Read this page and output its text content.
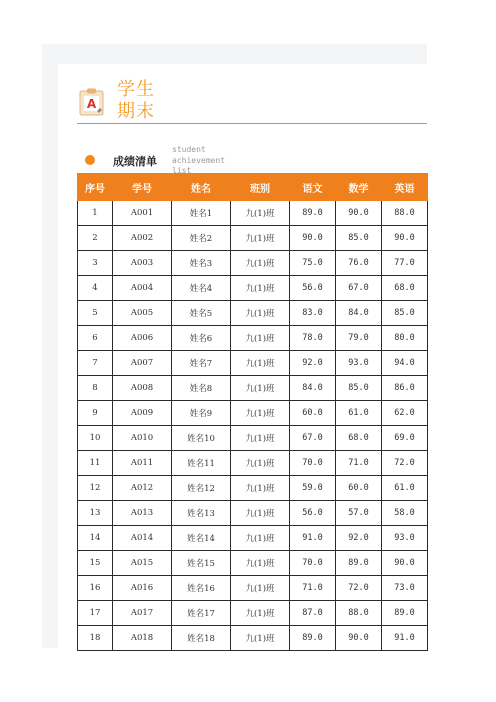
A
学生期末
成绩清单
student achievement list
序号	学号	姓名	班别	语文	数学	英语
1	A001	姓名1	九(1)班	89.0	90.0	88.0
2	A002	姓名2	九(1)班	90.0	85.0	90.0
3	A003	姓名3	九(1)班	75.0	76.0	77.0
4	A004	姓名4	九(1)班	56.0	67.0	68.0
5	A005	姓名5	九(1)班	83.0	84.0	85.0
6	A006	姓名6	九(1)班	78.0	79.0	80.0
7	A007	姓名7	九(1)班	92.0	93.0	94.0
8	A008	姓名8	九(1)班	84.0	85.0	86.0
9	A009	姓名9	九(1)班	60.0	61.0	62.0
10	A010	姓名10	九(1)班	67.0	68.0	69.0
11	A011	姓名11	九(1)班	70.0	71.0	72.0
12	A012	姓名12	九(1)班	59.0	60.0	61.0
13	A013	姓名13	九(1)班	56.0	57.0	58.0
14	A014	姓名14	九(1)班	91.0	92.0	93.0
15	A015	姓名15	九(1)班	70.0	89.0	90.0
16	A016	姓名16	九(1)班	71.0	72.0	73.0
17	A017	姓名17	九(1)班	87.0	88.0	89.0
18	A018	姓名18	九(1)班	89.0	90.0	91.0
